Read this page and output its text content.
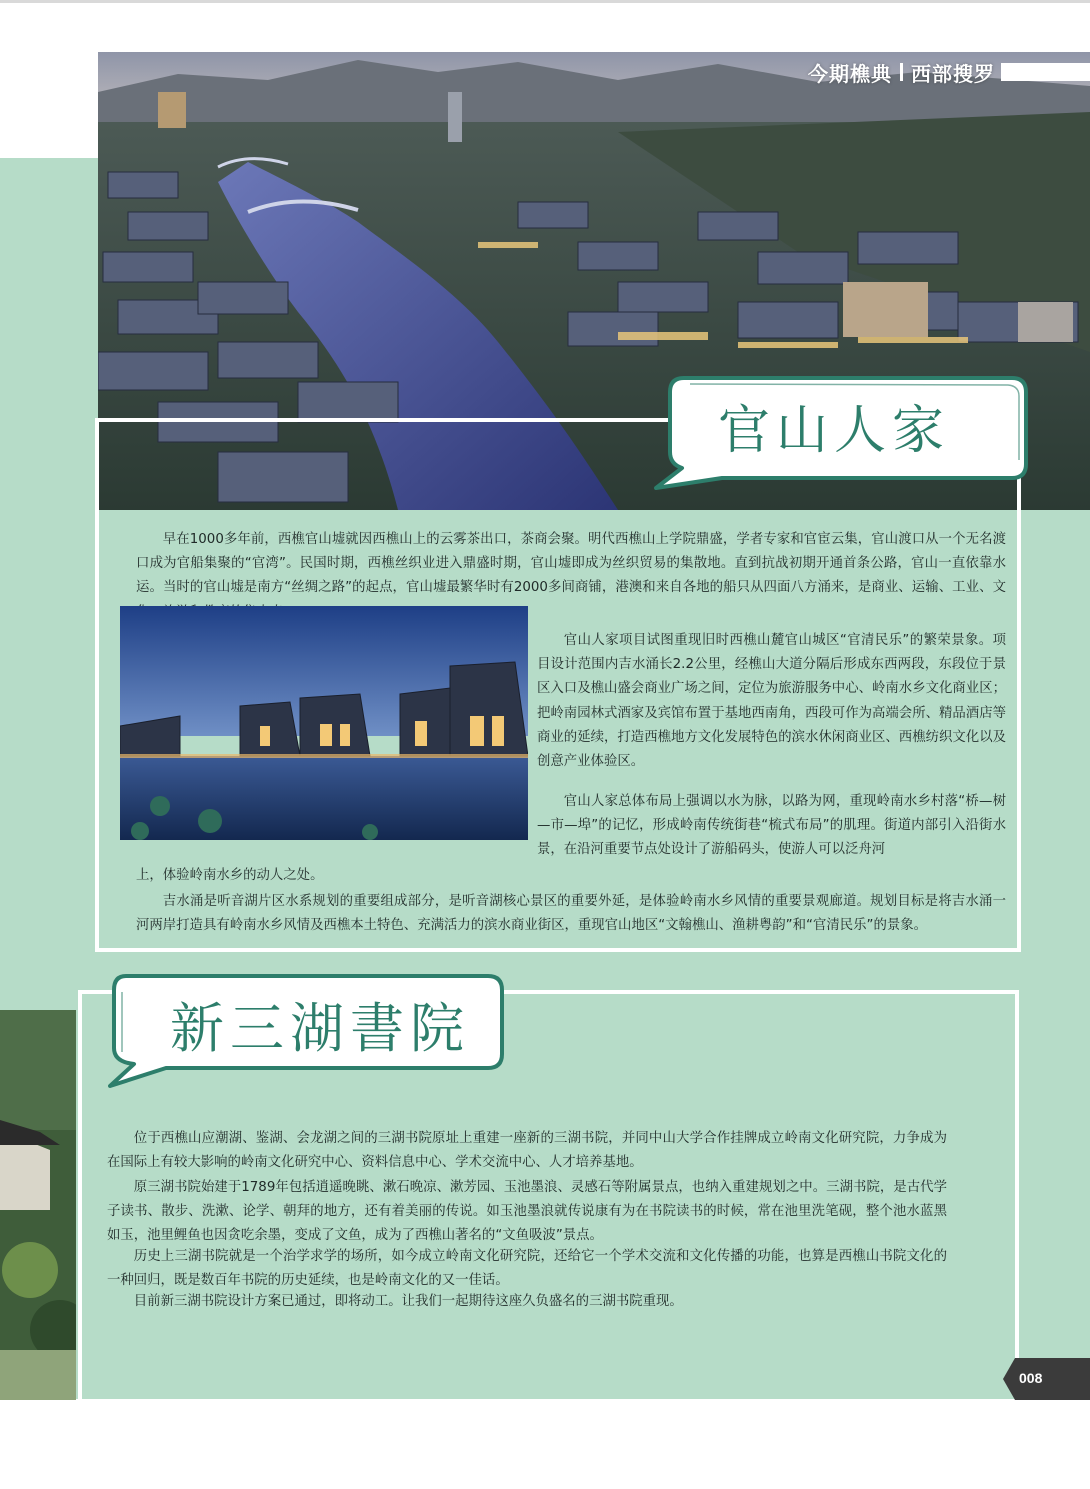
今期樵典 西部搜罗
官山人家
早在1000多年前，西樵官山墟就因西樵山上的云雾茶出口，茶商会聚。明代西樵山上学院鼎盛，学者专家和官宦云集，官山渡口从一个无名渡口成为官船集聚的“官湾”。民国时期，西樵丝织业进入鼎盛时期，官山墟即成为丝织贸易的集散地。直到抗战初期开通首条公路，官山一直依靠水运。当时的官山墟是南方“丝绸之路”的起点，官山墟最繁华时有2000多间商铺，港澳和来自各地的船只从四面八方涌来，是商业、运输、工业、文
官山人家项目试图重现旧时西樵山麓官山城区“官清民乐”的繁荣景象。项目设计范围内吉水涌长2.2公里，经樵山大道分隔后形成东西两段，东段位于景区入口及樵山盛会商业广场之间，定位为旅游服务中心、岭南水乡文化商业区；把岭南园林式酒家及宾馆布置于基地西南角，西段可作为高端会所、精品酒店等商业的延续，打造西樵地方文化发展特色的滨水休闲商业区、西樵纺织文化以及创意产业体验区。
官山人家总体布局上强调以水为脉，以路为网，重现岭南水乡村落“桥—树—市—埠”的记忆，形成岭南传统街巷“梳式布局”的肌理。街道内部引入沿街水景，在沿河重要节点处设计了游船码头，使游人可以泛舟河
上，体验岭南水乡的动人之处。
吉水涌是听音湖片区水系规划的重要组成部分，是听音湖核心景区的重要外延，是体验岭南水乡风情的重要景观廊道。规划目标是将吉水涌一河两岸打造具有岭南水乡风情及西樵本土特色、充满活力的滨水商业街区，重现官山地区“文翰樵山、渔耕粤韵”和“官清民乐”的景象。
新三湖書院
位于西樵山应潮湖、鉴湖、会龙湖之间的三湖书院原址上重建一座新的三湖书院，并同中山大学合作挂牌成立岭南文化研究院，力争成为在国际上有较大影响的岭南文化研究中心、资料信息中心、学术交流中心、人才培养基地。
原三湖书院始建于1789年包括逍遥晚眺、漱石晚凉、漱芳园、玉池墨浪、灵感石等附属景点，也纳入重建规划之中。三湖书院，是古代学子读书、散步、洗漱、论学、朝拜的地方，还有着美丽的传说。如玉池墨浪就传说康有为在书院读书的时候，常在池里洗笔砚，整个池水蓝黑如玉，池里鲤鱼也因贪吃余墨，变成了文鱼，成为了西樵山著名的“文鱼吸波”景点。
历史上三湖书院就是一个治学求学的场所，如今成立岭南文化研究院，还给它一个学术交流和文化传播的功能，也算是西樵山书院文化的一种回归，既是数百年书院的历史延续，也是岭南文化的又一佳话。
目前新三湖书院设计方案已通过，即将动工。让我们一起期待这座久负盛名的三湖书院重现。
008
